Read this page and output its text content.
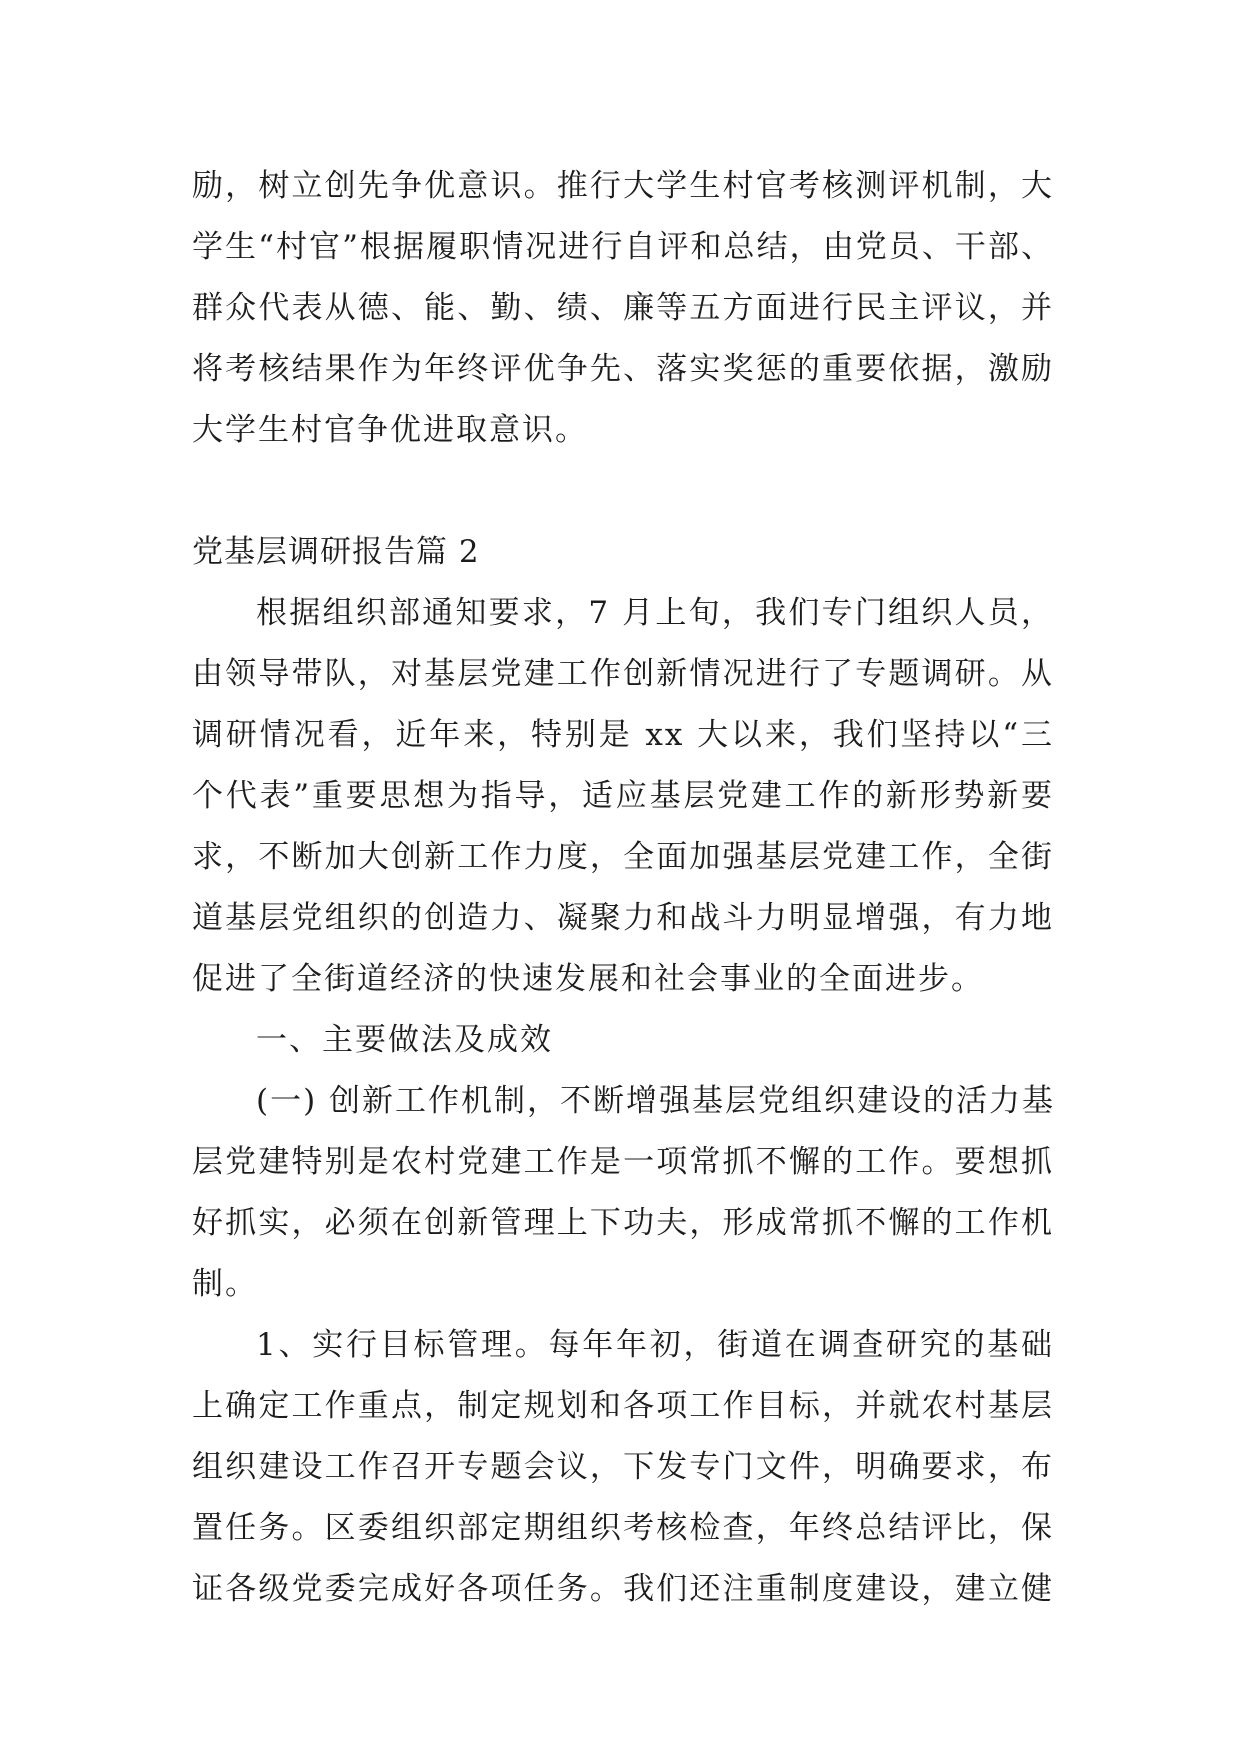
励，树立创先争优意识。推行大学生村官考核测评机制，大
学生“村官”根据履职情况进行自评和总结，由党员、干部、
群众代表从德、能、勤、绩、廉等五方面进行民主评议，并
将考核结果作为年终评优争先、落实奖惩的重要依据，激励
大学生村官争优进取意识。
党基层调研报告篇 2
根据组织部通知要求，7 月上旬，我们专门组织人员，
由领导带队，对基层党建工作创新情况进行了专题调研。从
调研情况看，近年来，特别是 xx 大以来，我们坚持以“三
个代表”重要思想为指导，适应基层党建工作的新形势新要
求，不断加大创新工作力度，全面加强基层党建工作，全街
道基层党组织的创造力、凝聚力和战斗力明显增强，有力地
促进了全街道经济的快速发展和社会事业的全面进步。
一、主要做法及成效
(一) 创新工作机制，不断增强基层党组织建设的活力基
层党建特别是农村党建工作是一项常抓不懈的工作。要想抓
好抓实，必须在创新管理上下功夫，形成常抓不懈的工作机
制。
1、实行目标管理。每年年初，街道在调查研究的基础
上确定工作重点，制定规划和各项工作目标，并就农村基层
组织建设工作召开专题会议，下发专门文件，明确要求，布
置任务。区委组织部定期组织考核检查，年终总结评比，保
证各级党委完成好各项任务。我们还注重制度建设，建立健
